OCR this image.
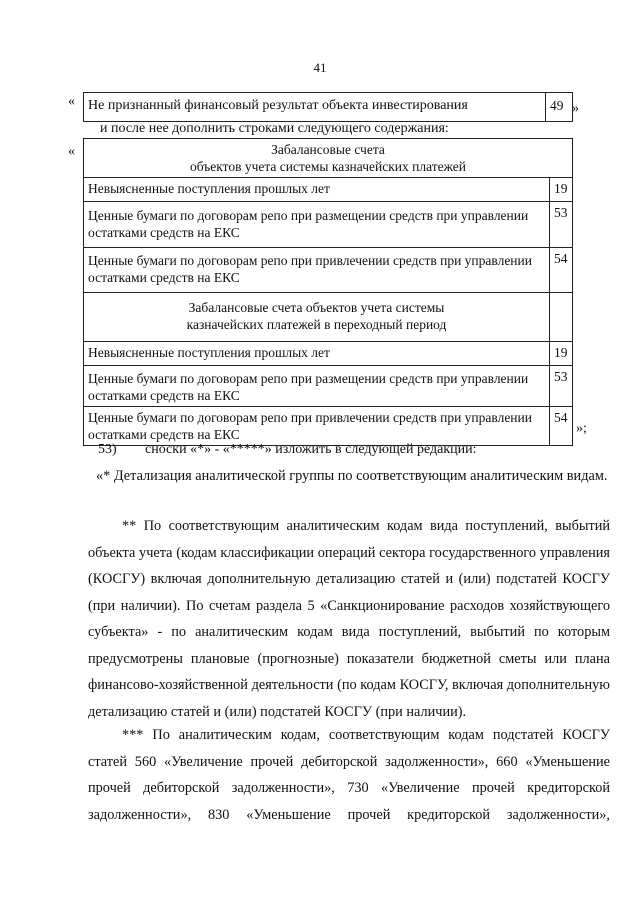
41
« Не признанный финансовый результат объекта инвестирования	49 »
и после нее дополнить строками следующего содержания:
«	Забалансовые счета
объектов учета системы казначейских платежей	

Невыясненные поступления прошлых лет	19
Ценные бумаги по договорам репо при размещении средств при управлении остатками средств на ЕКС	53
Ценные бумаги по договорам репо при привлечении средств при управлении остатками средств на ЕКС	54

Забалансовые счета объектов учета системы
казначейских платежей в переходный период	

Невыясненные поступления прошлых лет	19
Ценные бумаги по договорам репо при размещении средств при управлении остатками средств на ЕКС	53
Ценные бумаги по договорам репо при привлечении средств при управлении остатками средств на ЕКС	54
»;
53) сноски «*» - «*****» изложить в следующей редакции:
«* Детализация аналитической группы по соответствующим аналитическим видам.
** По соответствующим аналитическим кодам вида поступлений, выбытий объекта учета (кодам классификации операций сектора государственного управления (КОСГУ) включая дополнительную детализацию статей и (или) подстатей КОСГУ (при наличии). По счетам раздела 5 «Санкционирование расходов хозяйствующего субъекта» - по аналитическим кодам вида поступлений, выбытий по которым предусмотрены плановые (прогнозные) показатели бюджетной сметы или плана финансово-хозяйственной деятельности (по кодам КОСГУ, включая дополнительную детализацию статей и (или) подстатей КОСГУ (при наличии).
*** По аналитическим кодам, соответствующим кодам подстатей КОСГУ статей 560 «Увеличение прочей дебиторской задолженности», 660 «Уменьшение прочей дебиторской задолженности», 730 «Увеличение прочей кредиторской задолженности», 830 «Уменьшение прочей кредиторской задолженности»,
